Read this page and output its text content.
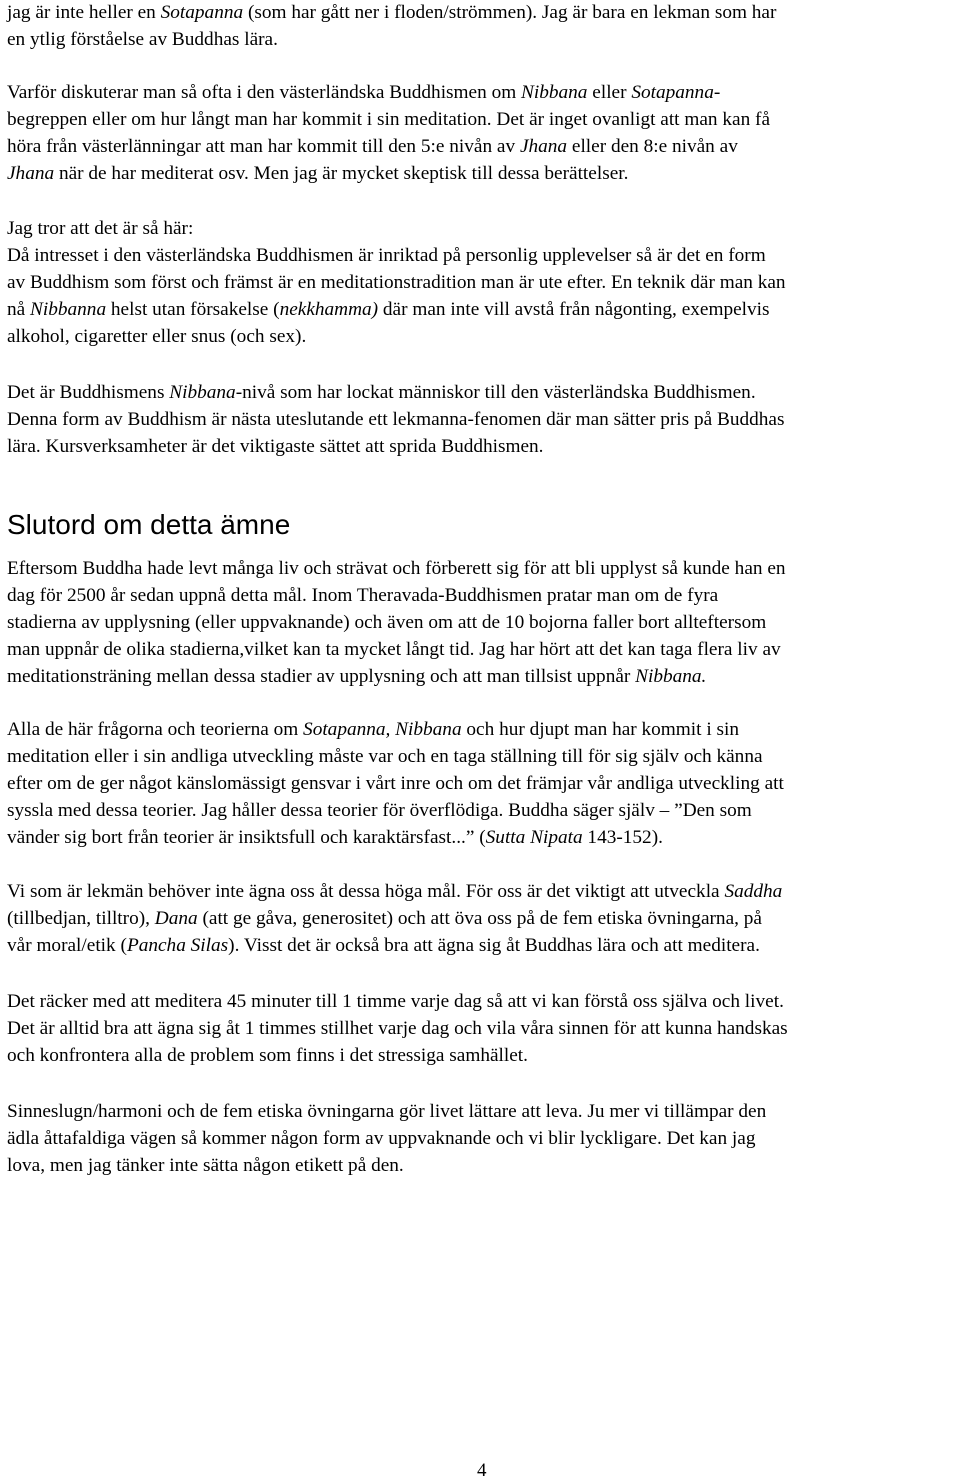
jag är inte heller en Sotapanna (som har gått ner i floden/strömmen). Jag är bara en lekman som har
en ytlig förståelse av Buddhas lära.
Varför diskuterar man så ofta i den västerländska Buddhismen om Nibbana eller Sotapanna-
begreppen eller om hur långt man har kommit i sin meditation. Det är inget ovanligt att man kan få
höra från västerlänningar att man har kommit till den 5:e nivån av Jhana eller den 8:e nivån av
Jhana när de har mediterat osv. Men jag är mycket skeptisk till dessa berättelser.
Jag tror att det är så här:
Då intresset i den västerländska Buddhismen är inriktad på personlig upplevelser så är det en form
av Buddhism som först och främst är en meditationstradition man är ute efter. En teknik där man kan
nå Nibbanna helst utan försakelse (nekkhamma) där man inte vill avstå från någonting, exempelvis
alkohol, cigaretter eller snus (och sex).
Det är Buddhismens Nibbana-nivå som har lockat människor till den västerländska Buddhismen.
Denna form av Buddhism är nästa uteslutande ett lekmanna-fenomen där man sätter pris på Buddhas
lära. Kursverksamheter är det viktigaste sättet att sprida Buddhismen.
Slutord om detta ämne
Eftersom Buddha hade levt många liv och strävat och förberett sig för att bli upplyst så kunde han en
dag för 2500 år sedan uppnå detta mål. Inom Theravada-Buddhismen pratar man om de fyra
stadierna av upplysning (eller uppvaknande) och även om att de 10 bojorna faller bort allteftersom
man uppnår de olika stadierna,vilket kan ta mycket långt tid. Jag har hört att det kan taga flera liv av
meditationsträning mellan dessa stadier av upplysning och att man tillsist uppnår Nibbana.
Alla de här frågorna och teorierna om Sotapanna, Nibbana och hur djupt man har kommit i sin
meditation eller i sin andliga utveckling måste var och en taga ställning till för sig själv och känna
efter om de ger något känslomässigt gensvar i vårt inre och om det främjar vår andliga utveckling att
syssla med dessa teorier. Jag håller dessa teorier för överflödiga. Buddha säger själv – ”Den som
vänder sig bort från teorier är insiktsfull och karaktärsfast...” (Sutta Nipata 143-152).
Vi som är lekmän behöver inte ägna oss åt dessa höga mål. För oss är det viktigt att utveckla Saddha
(tillbedjan, tilltro), Dana (att ge gåva, generositet) och att öva oss på de fem etiska övningarna, på
vår moral/etik (Pancha Silas). Visst det är också bra att ägna sig åt Buddhas lära och att meditera.
Det räcker med att meditera 45 minuter till 1 timme varje dag så att vi kan förstå oss själva och livet.
Det är alltid bra att ägna sig åt 1 timmes stillhet varje dag och vila våra sinnen för att kunna handskas
och konfrontera alla de problem som finns i det stressiga samhället.
Sinneslugn/harmoni och de fem etiska övningarna gör livet lättare att leva. Ju mer vi tillämpar den
ädla åttafaldiga vägen så kommer någon form av uppvaknande och vi blir lyckligare. Det kan jag
lova, men jag tänker inte sätta någon etikett på den.
4
